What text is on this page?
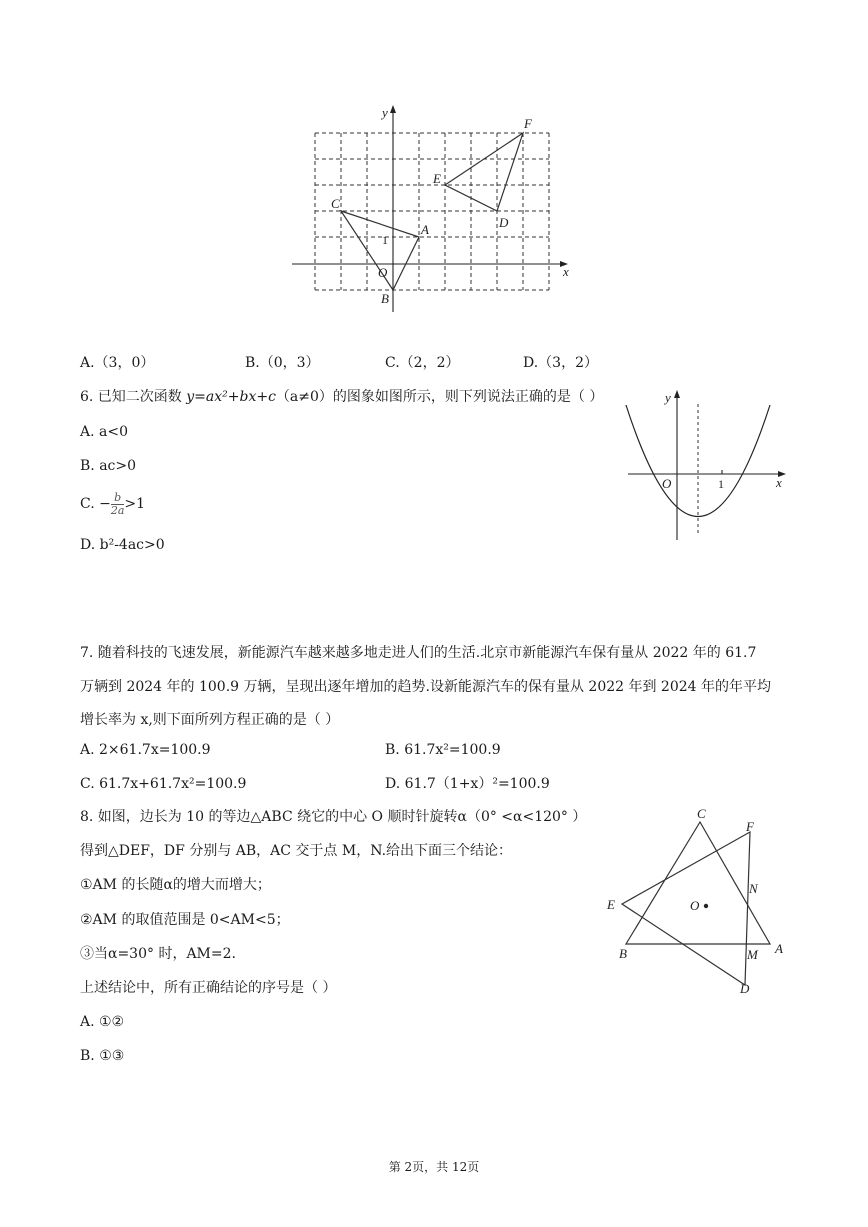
y
x
F
E
C
D
A
O
B
1
A.（3，0）	B.（0，3）	C.（2，2）	D.（3，2）
6. 已知二次函数 y=ax²+bx+c（a≠0）的图象如图所示，则下列说法正确的是（ ）
A. a<0
B. ac>0
C. − $\frac{b}{2a} >1$
D. b²-4ac>0
y
x
O	1
7. 随着科技的飞速发展，新能源汽车越来越多地走进人们的生活.北京市新能源汽车保有量从 2022 年的 61.7
万辆到 2024 年的 100.9 万辆，呈现出逐年增加的趋势.设新能源汽车的保有量从 2022 年到 2024 年的年平均
增长率为 x,则下面所列方程正确的是（ ）
A. 2×61.7x=100.9	B. 61.7x²=100.9
C. 61.7x+61.7x²=100.9	D. 61.7（1+x）²=100.9
8. 如图，边长为 10 的等边△ABC 绕它的中心 O 顺时针旋转α（0° <α<120° ）
得到△DEF，DF 分别与 AB，AC 交于点 M，N.给出下面三个结论：
①AM 的长随α的增大而增大；
②AM 的取值范围是 0<AM<5；
③当α=30° 时，AM=2.
上述结论中，所有正确结论的序号是（ ）
A. ①②
B. ①③
C
F
E
N
O
B	M A
D
第 2页，共 12页
